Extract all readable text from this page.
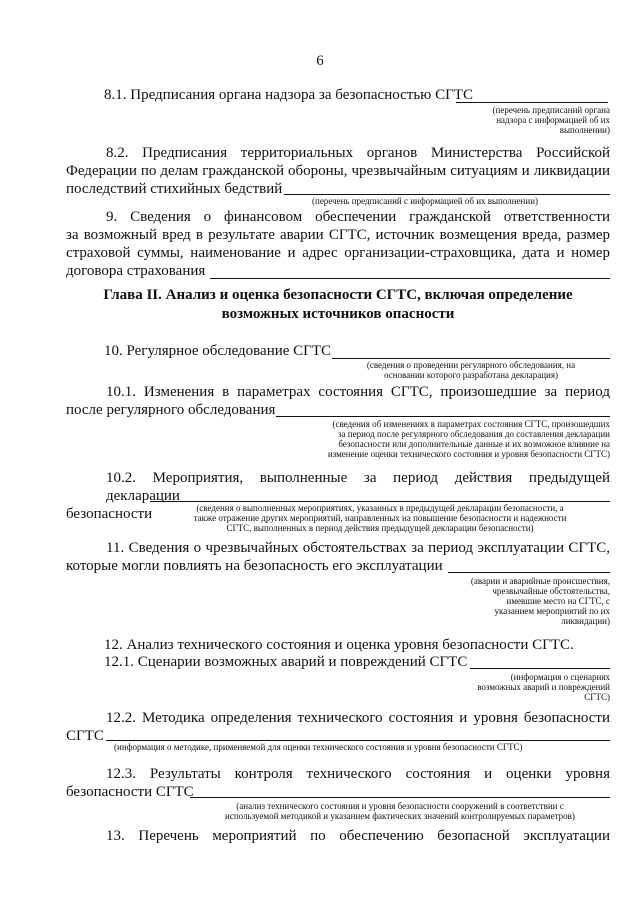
6
8.1. Предписания органа надзора за безопасностью СГТС
(перечень предписаний органа
надзора с информацией об их
выполнении)
8.2. Предписания территориальных органов Министерства Российской
Федерации по делам гражданской обороны, чрезвычайным ситуациям и ликвидации
последствий стихийных бедствий
(перечень предписаний с информацией об их выполнении)
9. Сведения о финансовом обеспечении гражданской ответственности
за возможный вред в результате аварии СГТС, источник возмещения вреда, размер
страховой суммы, наименование и адрес организации-страховщика, дата и номер
договора страхования
Глава II. Анализ и оценка безопасности СГТС, включая определение
возможных источников опасности
10. Регулярное обследование СГТС
(сведения о проведении регулярного обследования, на
основании которого разработана декларация)
10.1. Изменения в параметрах состояния СГТС, произошедшие за период
после регулярного обследования
(сведения об изменениях в параметрах состояния СГТС, произошедших
за период после регулярного обследования до составления декларации
безопасности или дополнительные данные и их возможное влияние на
изменение оценки технического состояния и уровня безопасности СГТС)
10.2. Мероприятия, выполненные за период действия предыдущей декларации
безопасности	(сведения о выполненных мероприятиях, указанных в предыдущей декларации безопасности, а
также отражение других мероприятий, направленных на повышение безопасности и надежности
СГТС, выполненных в период действия предыдущей декларации безопасности)
11. Сведения о чрезвычайных обстоятельствах за период эксплуатации СГТС,
которые могли повлиять на безопасность его эксплуатации
(аварии и аварийные происшествия,
чрезвычайные обстоятельства,
имевшие место на СГТС, с
указанием мероприятий по их
ликвидации)
12. Анализ технического состояния и оценка уровня безопасности СГТС.
12.1. Сценарии возможных аварий и повреждений СГТС
(информация о сценариях
возможных аварий и повреждений
СГТС)
12.2. Методика определения технического состояния и уровня безопасности
СГТС
(информация о методике, применяемой для оценки технического состояния и уровня безопасности СГТС)
12.3. Результаты контроля технического состояния и оценки уровня
безопасности СГТС
(анализ технического состояния и уровня безопасности сооружений в соответствии с
используемой методикой и указанием фактических значений контролируемых параметров)
13. Перечень мероприятий по обеспечению безопасной эксплуатации
